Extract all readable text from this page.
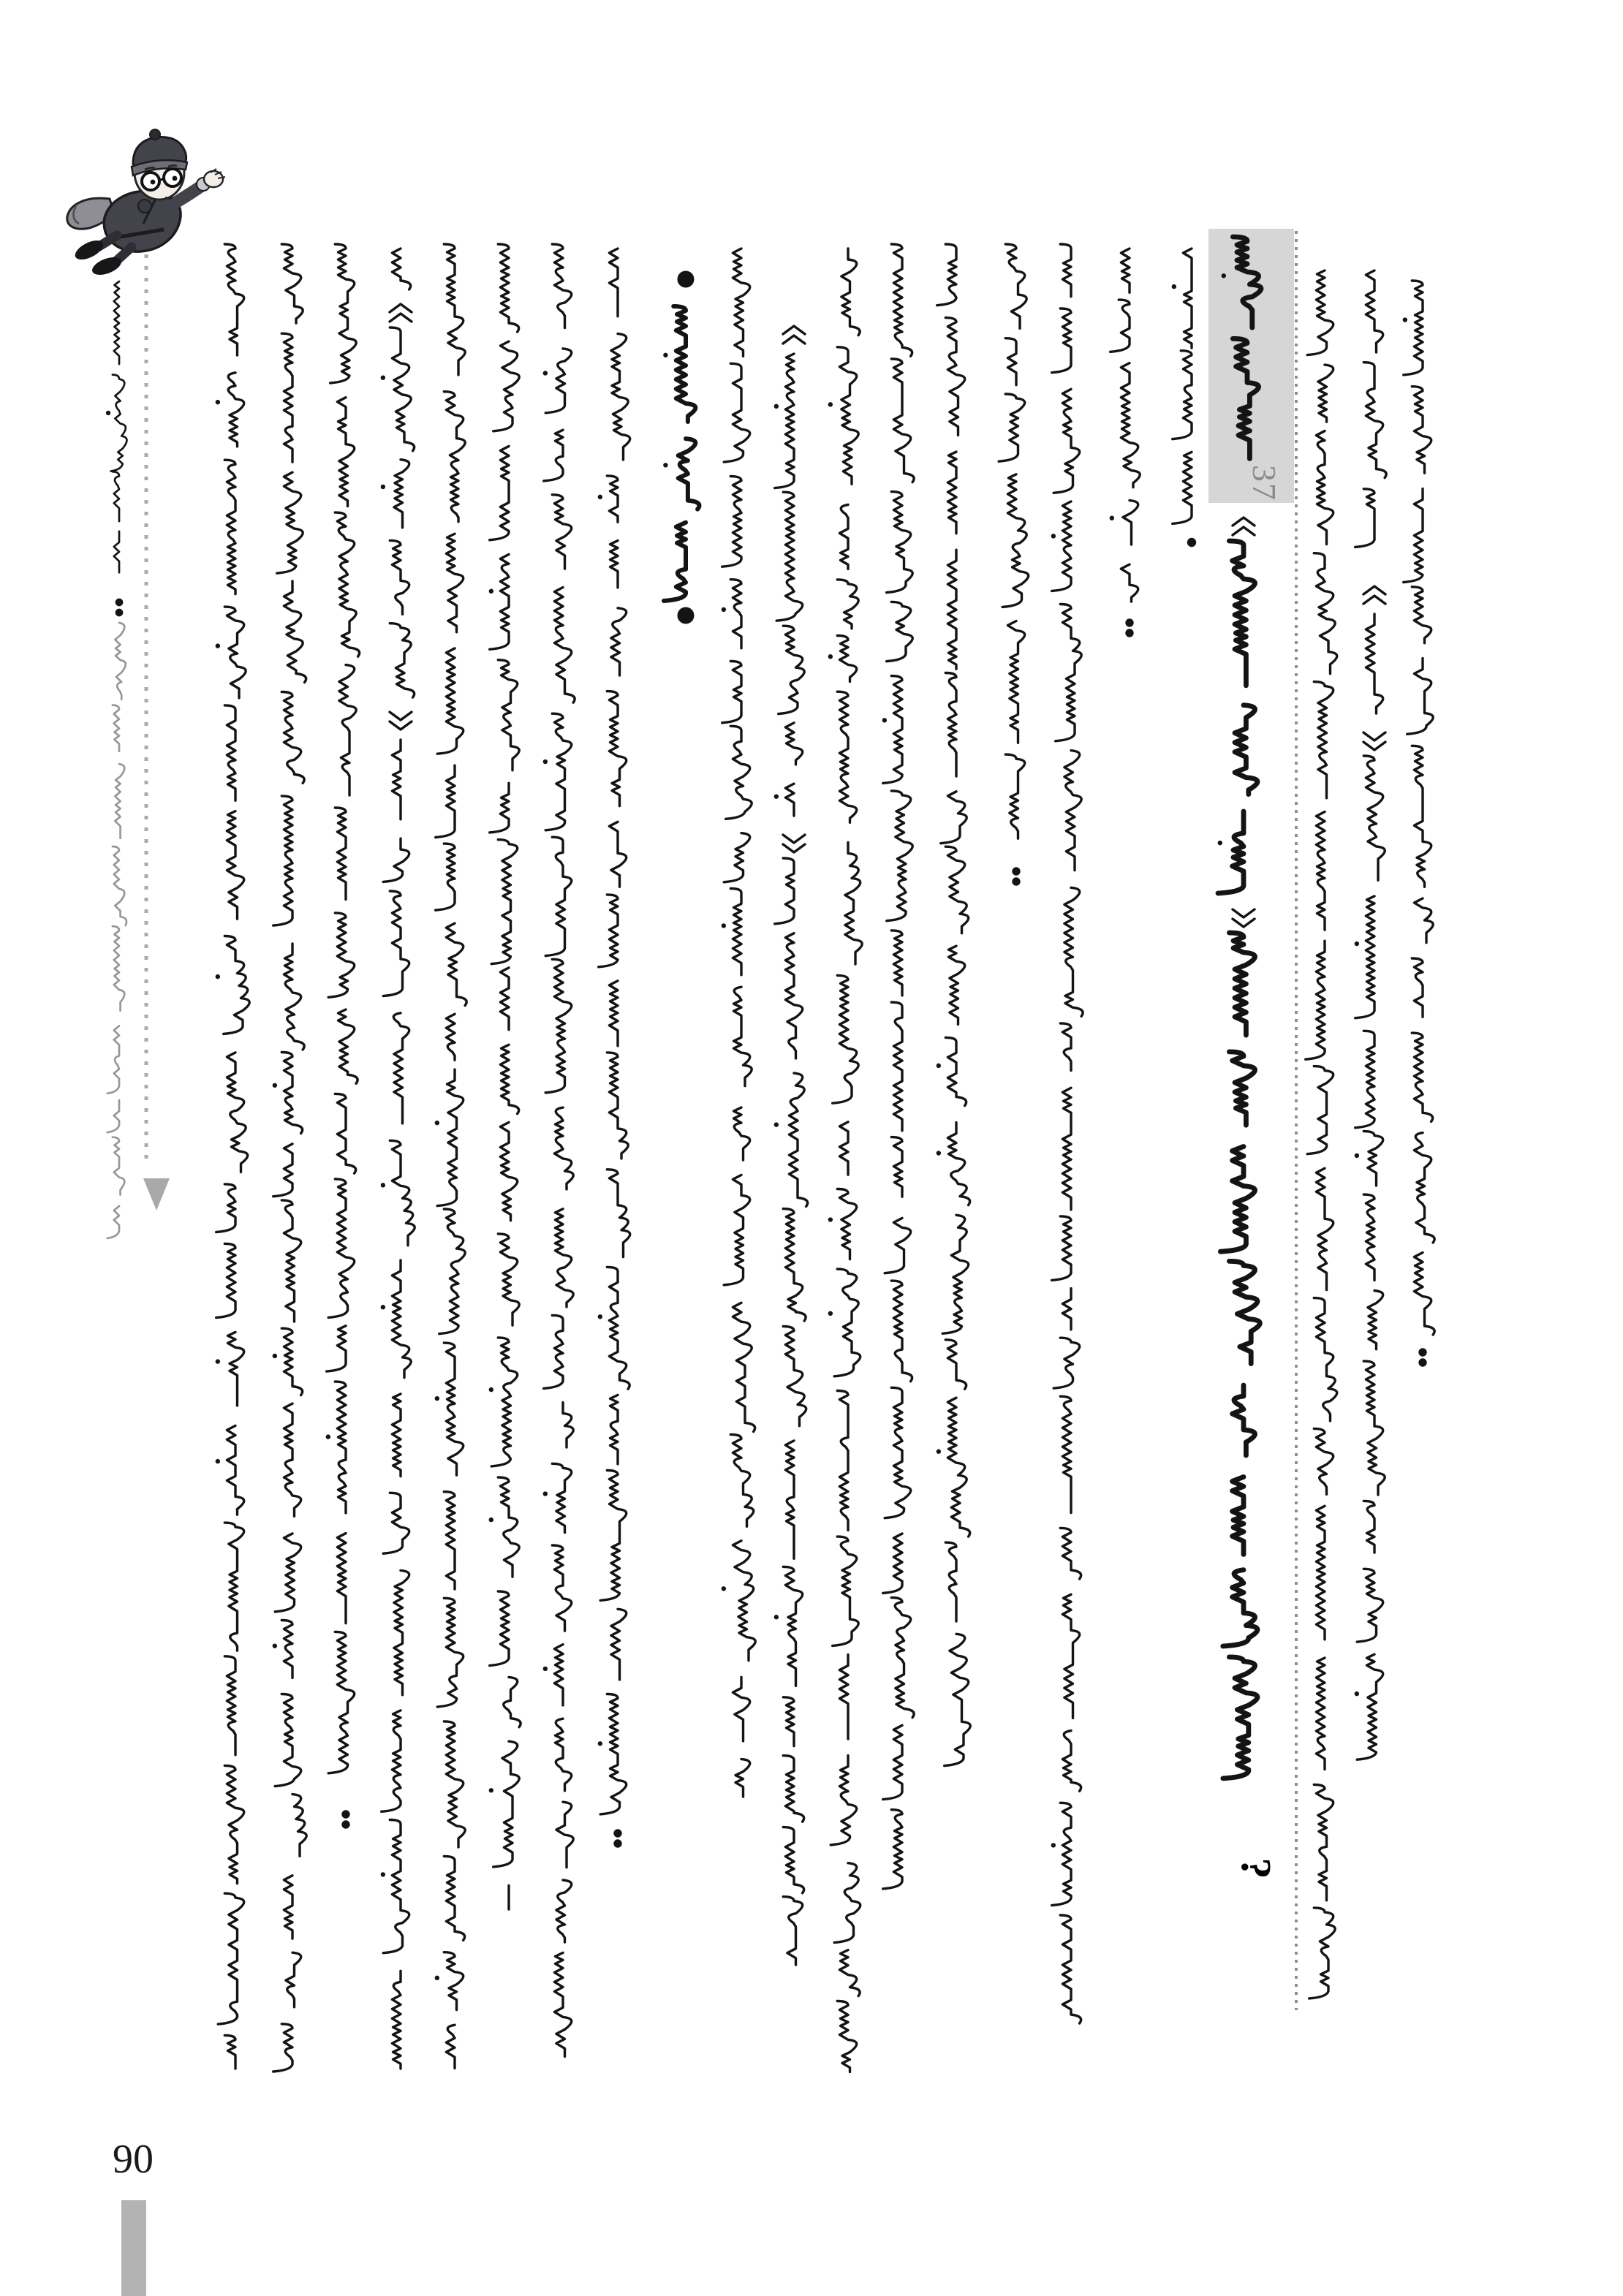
37
?
90
